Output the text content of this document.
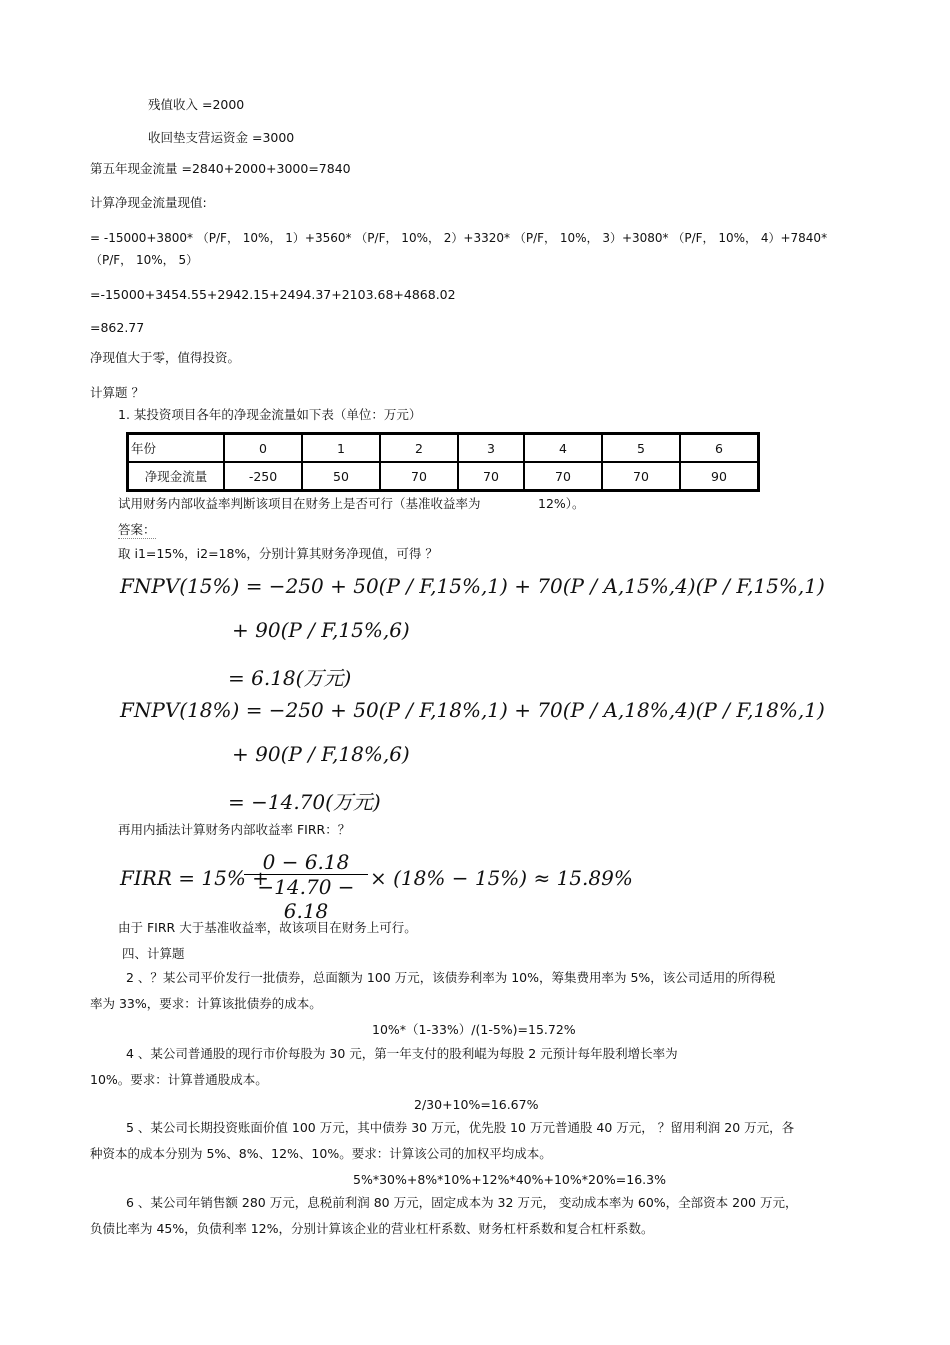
残值收入 =2000
收回垫支营运资金 =3000
第五年现金流量 =2840+2000+3000=7840
计算净现金流量现值:
= -15000+3800* （P/F， 10%， 1）+3560* （P/F， 10%， 2）+3320* （P/F， 10%， 3）+3080* （P/F， 10%， 4）+7840*
（P/F， 10%， 5）
=-15000+3454.55+2942.15+2494.37+2103.68+4868.02
=862.77
净现值大于零，值得投资。
计算题 ？
1. 某投资项目各年的净现金流量如下表（单位：万元）
年份	0	1	2	3	4	5	6
净现金流量	-250	50	70	70	70	70	90
试用财务内部收益率判断该项目在财务上是否可行（基准收益率为	12%）。
答案：
取 i1=15%，i2=18%，分别计算其财务净现值，可得 ？
FNPV(15%) = −250 + 50(P / F,15%,1) + 70(P / A,15%,4)(P / F,15%,1)
+ 90(P / F,15%,6)
= 6.18(万元)
FNPV(18%) = −250 + 50(P / F,18%,1) + 70(P / A,18%,4)(P / F,18%,1)
+ 90(P / F,18%,6)
= −14.70(万元)
再用内插法计算财务内部收益率 FIRR：？
FIRR = 15% +
0 − 6.18
−14.70 − 6.18
× (18% − 15%) ≈ 15.89%
由于 FIRR 大于基准收益率，故该项目在财务上可行。
四、计算题
2 、？某公司平价发行一批债券，总面额为 100 万元，该债券利率为 10%，筹集费用率为 5%，该公司适用的所得税
率为 33%，要求：计算该批债券的成本。
10%*（1-33%）/(1-5%)=15.72%
4 、某公司普通股的现行市价每股为 30 元，第一年支付的股利崐为每股 2 元预计每年股利增长率为
10%。要求：计算普通股成本。
2/30+10%=16.67%
5 、某公司长期投资账面价值 100 万元，其中债券 30 万元，优先股 10 万元普通股 40 万元， ？留用利润 20 万元，各
种资本的成本分别为 5%、8%、12%、10%。要求：计算该公司的加权平均成本。
5%*30%+8%*10%+12%*40%+10%*20%=16.3%
6 、某公司年销售额 280 万元，息税前利润 80 万元，固定成本为 32 万元， 变动成本率为 60%，全部资本 200 万元，
负债比率为 45%，负债利率 12%，分别计算该企业的营业杠杆系数、财务杠杆系数和复合杠杆系数。
